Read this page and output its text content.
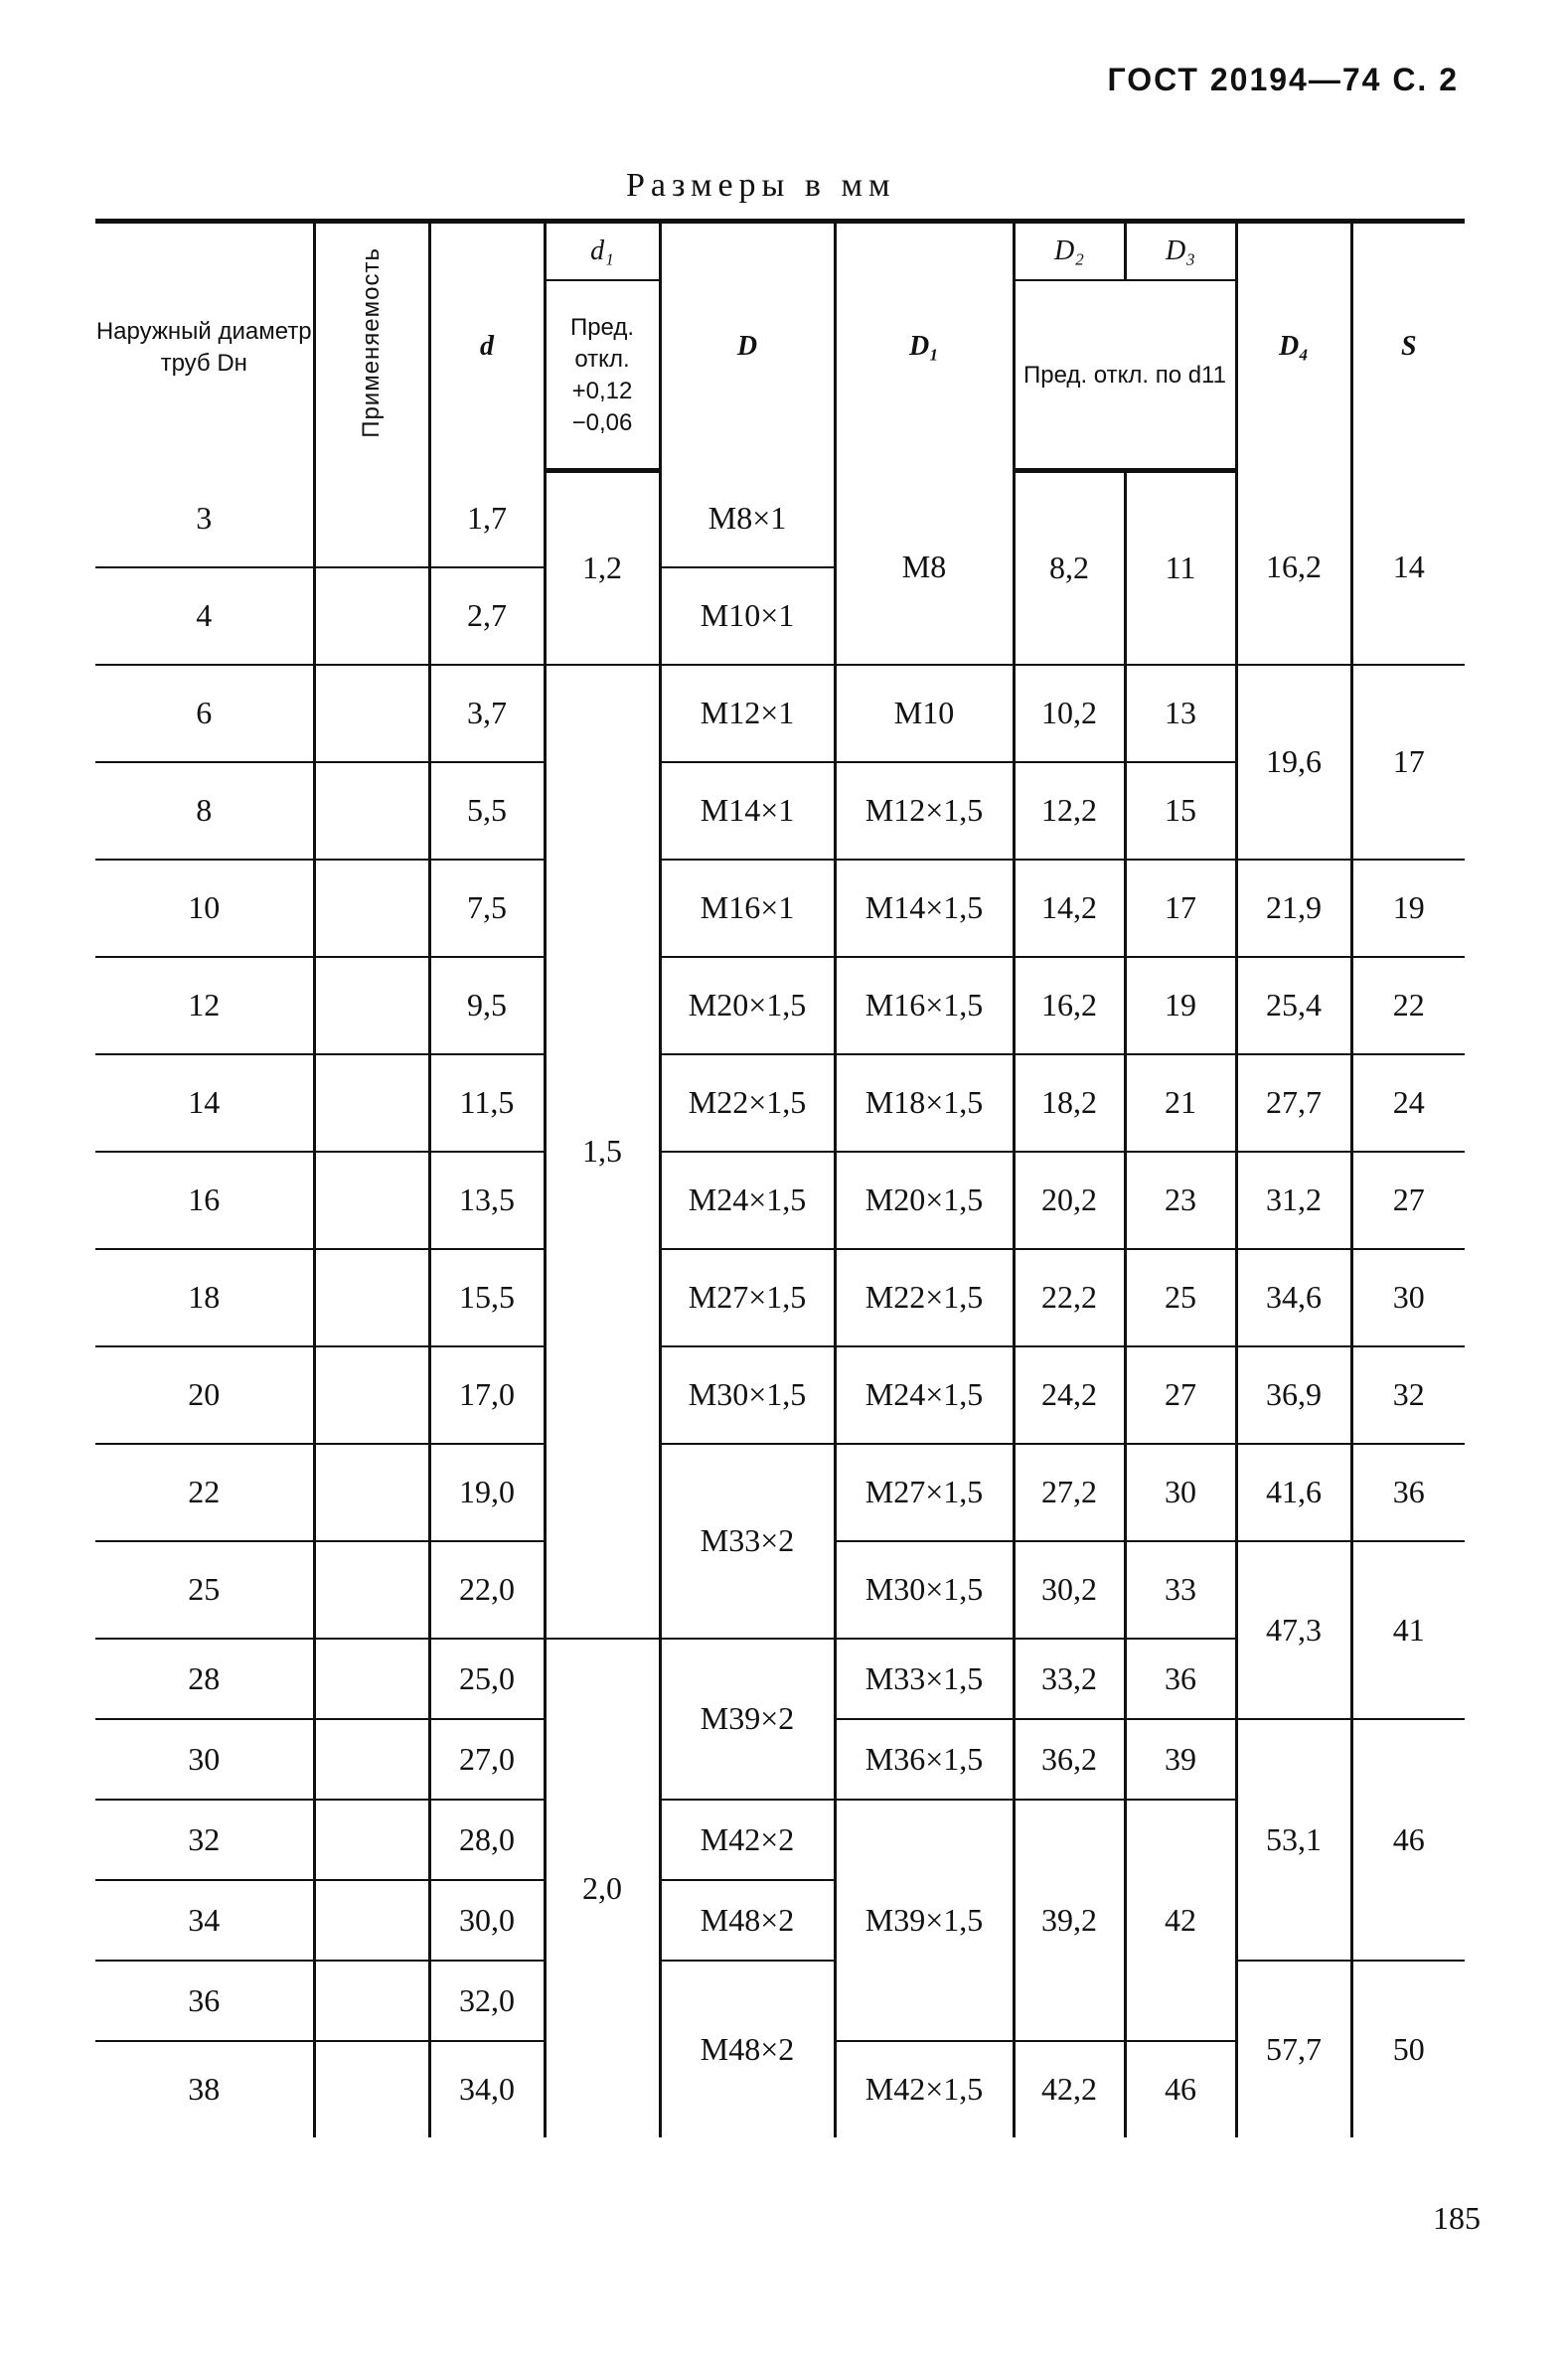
ГОСТ 20194—74 С. 2
Размеры в мм
Наружный диаметр труб Dн	Применяемость	d	d₁	D	D₁	D₂	D₃	D₄	S
			Пред. откл. +0,12 −0,06			Пред. откл. по d11			
3		1,7	1,2	M8×1	M8	8,2	11	16,2	14
4		2,7		M10×1					
6		3,7	1,5	M12×1	M10	10,2	13	19,6	17
8		5,5		M14×1	M12×1,5	12,2	15		
10		7,5		M16×1	M14×1,5	14,2	17	21,9	19
12		9,5		M20×1,5	M16×1,5	16,2	19	25,4	22
14		11,5		M22×1,5	M18×1,5	18,2	21	27,7	24
16		13,5		M24×1,5	M20×1,5	20,2	23	31,2	27
18		15,5		M27×1,5	M22×1,5	22,2	25	34,6	30
20		17,0		M30×1,5	M24×1,5	24,2	27	36,9	32
22		19,0		M33×2	M27×1,5	27,2	30	41,6	36
25		22,0			M30×1,5	30,2	33	47,3	41
28		25,0	2,0	M39×2	M33×1,5	33,2	36		
30		27,0			M36×1,5	36,2	39	53,1	46
32		28,0		M42×2	M39×1,5	39,2	42		
34		30,0		M48×2					
36		32,0		M48×2				57,7	50
38		34,0			M42×1,5	42,2	46		
185
